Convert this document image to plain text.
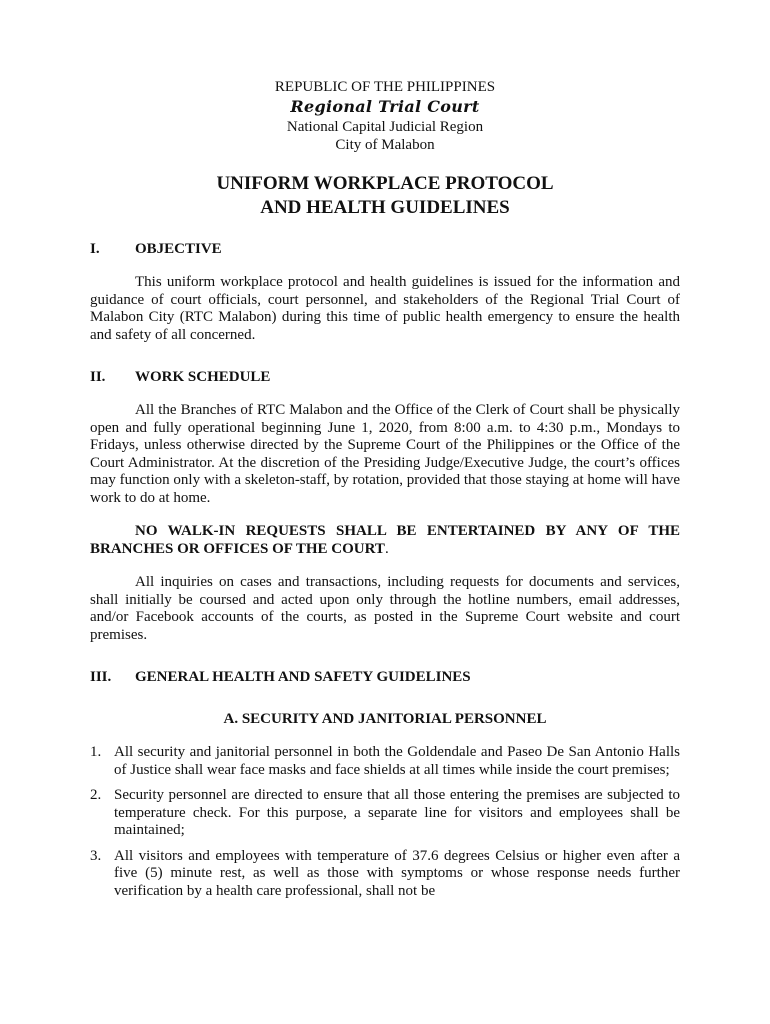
REPUBLIC OF THE PHILIPPINES
Regional Trial Court
National Capital Judicial Region
City of Malabon
UNIFORM WORKPLACE PROTOCOL
AND HEALTH GUIDELINES
I.	OBJECTIVE

This uniform workplace protocol and health guidelines is issued for the information and guidance of court officials, court personnel, and stakeholders of the Regional Trial Court of Malabon City (RTC Malabon) during this time of public health emergency to ensure the health and safety of all concerned.

II.	WORK SCHEDULE

All the Branches of RTC Malabon and the Office of the Clerk of Court shall be physically open and fully operational beginning June 1, 2020, from 8:00 a.m. to 4:30 p.m., Mondays to Fridays, unless otherwise directed by the Supreme Court of the Philippines or the Office of the Court Administrator. At the discretion of the Presiding Judge/Executive Judge, the court’s offices may function only with a skeleton-staff, by rotation, provided that those staying at home will have work to do at home.

NO WALK-IN REQUESTS SHALL BE ENTERTAINED BY ANY OF THE BRANCHES OR OFFICES OF THE COURT.

All inquiries on cases and transactions, including requests for documents and services, shall initially be coursed and acted upon only through the hotline numbers, email addresses, and/or Facebook accounts of the courts, as posted in the Supreme Court website and court premises.

III.	GENERAL HEALTH AND SAFETY GUIDELINES
A. SECURITY AND JANITORIAL PERSONNEL
1. All security and janitorial personnel in both the Goldendale and Paseo De San Antonio Halls of Justice shall wear face masks and face shields at all times while inside the court premises;
2. Security personnel are directed to ensure that all those entering the premises are subjected to temperature check. For this purpose, a separate line for visitors and employees shall be maintained;
3. All visitors and employees with temperature of 37.6 degrees Celsius or higher even after a five (5) minute rest, as well as those with symptoms or whose response needs further verification by a health care professional, shall not be
